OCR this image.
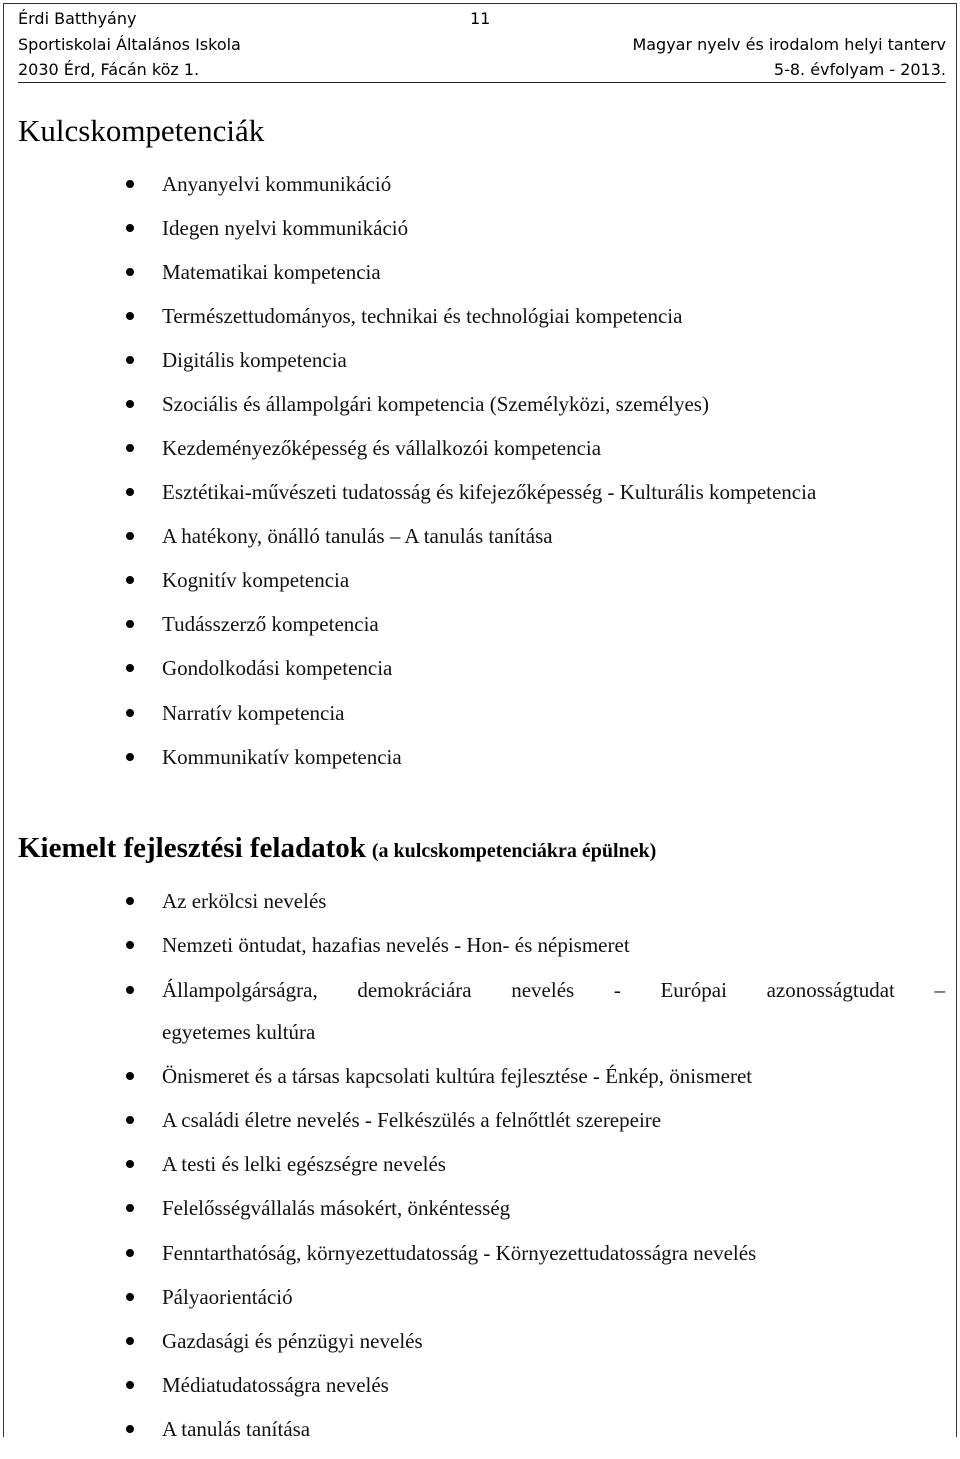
Érdi Batthyány	11
Sportiskolai Általános Iskola	Magyar nyelv és irodalom helyi tanterv
2030 Érd, Fácán köz 1.	5-8. évfolyam - 2013.
Kulcskompetenciák
Anyanyelvi kommunikáció
Idegen nyelvi kommunikáció
Matematikai kompetencia
Természettudományos, technikai és technológiai kompetencia
Digitális kompetencia
Szociális és állampolgári kompetencia (Személyközi, személyes)
Kezdeményezőképesség és vállalkozói kompetencia
Esztétikai-művészeti tudatosság és kifejezőképesség - Kulturális kompetencia
A hatékony, önálló tanulás – A tanulás tanítása
Kognitív kompetencia
Tudásszerző kompetencia
Gondolkodási kompetencia
Narratív kompetencia
Kommunikatív kompetencia
Kiemelt fejlesztési feladatok (a kulcskompetenciákra épülnek)
Az erkölcsi nevelés
Nemzeti öntudat, hazafias nevelés - Hon- és népismeret
Állampolgárságra, demokráciára nevelés - Európai azonosságtudat –
egyetemes kultúra
Önismeret és a társas kapcsolati kultúra fejlesztése - Énkép, önismeret
A családi életre nevelés - Felkészülés a felnőttlét szerepeire
A testi és lelki egészségre nevelés
Felelősségvállalás másokért, önkéntesség
Fenntarthatóság, környezettudatosság - Környezettudatosságra nevelés
Pályaorientáció
Gazdasági és pénzügyi nevelés
Médiatudatosságra nevelés
A tanulás tanítása
